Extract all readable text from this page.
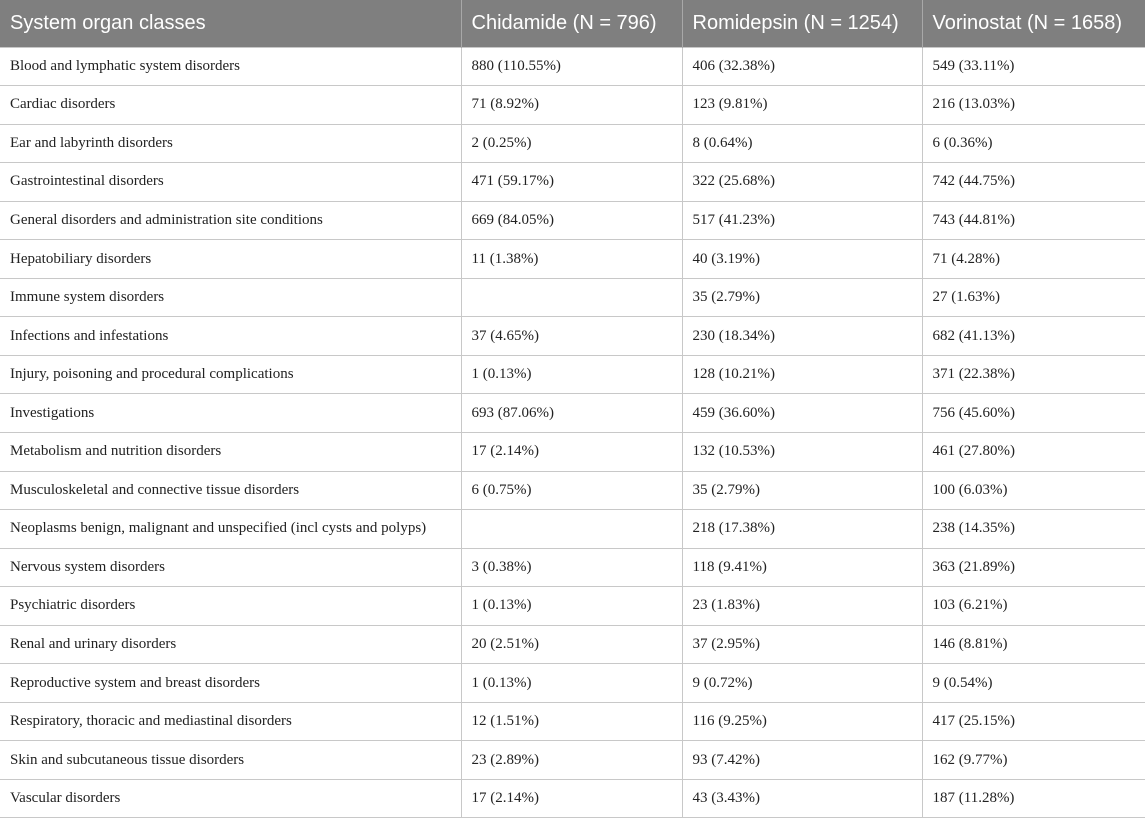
System organ classes	Chidamide (N = 796)	Romidepsin (N = 1254)	Vorinostat (N = 1658)
Blood and lymphatic system disorders	880 (110.55%)	406 (32.38%)	549 (33.11%)
Cardiac disorders	71 (8.92%)	123 (9.81%)	216 (13.03%)
Ear and labyrinth disorders	2 (0.25%)	8 (0.64%)	6 (0.36%)
Gastrointestinal disorders	471 (59.17%)	322 (25.68%)	742 (44.75%)
General disorders and administration site conditions	669 (84.05%)	517 (41.23%)	743 (44.81%)
Hepatobiliary disorders	11 (1.38%)	40 (3.19%)	71 (4.28%)
Immune system disorders		35 (2.79%)	27 (1.63%)
Infections and infestations	37 (4.65%)	230 (18.34%)	682 (41.13%)
Injury, poisoning and procedural complications	1 (0.13%)	128 (10.21%)	371 (22.38%)
Investigations	693 (87.06%)	459 (36.60%)	756 (45.60%)
Metabolism and nutrition disorders	17 (2.14%)	132 (10.53%)	461 (27.80%)
Musculoskeletal and connective tissue disorders	6 (0.75%)	35 (2.79%)	100 (6.03%)
Neoplasms benign, malignant and unspecified (incl cysts and polyps)		218 (17.38%)	238 (14.35%)
Nervous system disorders	3 (0.38%)	118 (9.41%)	363 (21.89%)
Psychiatric disorders	1 (0.13%)	23 (1.83%)	103 (6.21%)
Renal and urinary disorders	20 (2.51%)	37 (2.95%)	146 (8.81%)
Reproductive system and breast disorders	1 (0.13%)	9 (0.72%)	9 (0.54%)
Respiratory, thoracic and mediastinal disorders	12 (1.51%)	116 (9.25%)	417 (25.15%)
Skin and subcutaneous tissue disorders	23 (2.89%)	93 (7.42%)	162 (9.77%)
Vascular disorders	17 (2.14%)	43 (3.43%)	187 (11.28%)
